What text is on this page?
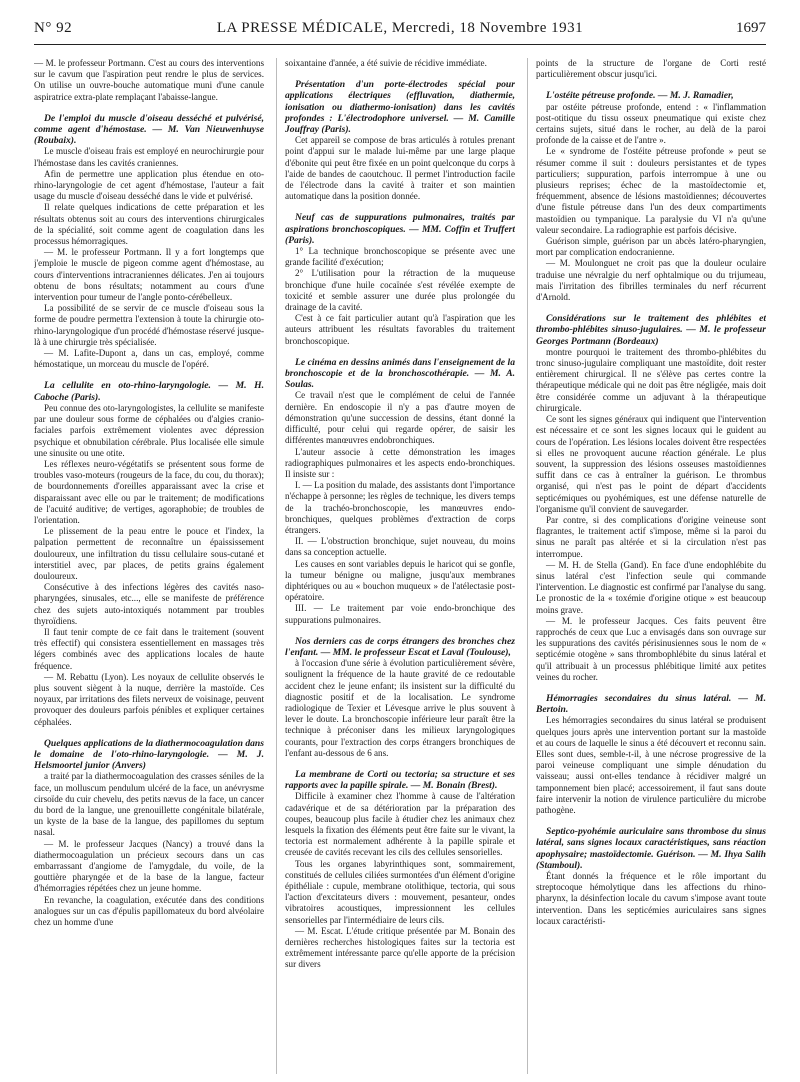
N° 92	LA PRESSE MÉDICALE, Mercredi, 18 Novembre 1931	1697

— M. le professeur Portmann. C'est au cours des interventions sur le cavum que l'aspiration peut rendre le plus de services. On utilise un ouvre-bouche automatique muni d'une canule aspiratrice extra-plate remplaçant l'abaisse-langue.

De l'emploi du muscle d'oiseau desséché et pulvérisé, comme agent d'hémostase. — M. Van Nieuwenhuyse (Roubaix).

Le muscle d'oiseau frais est employé en neurochirurgie pour l'hémostase dans les cavités craniennes.

Afin de permettre une application plus étendue en oto-rhino-laryngologie de cet agent d'hémostase, l'auteur a fait usage du muscle d'oiseau desséché dans le vide et pulvérisé.

Il relate quelques indications de cette préparation et les résultats obtenus soit au cours des interventions chirurgicales de la spécialité, soit comme agent de coagulation dans les processus hémorragiques.

— M. le professeur Portmann. Il y a fort longtemps que j'emploie le muscle de pigeon comme agent d'hémostase, au cours d'interventions intracraniennes délicates. J'en ai toujours obtenu de bons résultats; notamment au cours d'une intervention pour tumeur de l'angle ponto-cérébelleux.

La possibilité de se servir de ce muscle d'oiseau sous la forme de poudre permettra l'extension à toute la chirurgie oto-rhino-laryngologique d'un procédé d'hémostase réservé jusque-là à une chirurgie très spécialisée.

— M. Lafite-Dupont a, dans un cas, employé, comme hémostatique, un morceau du muscle de l'opéré.

La cellulite en oto-rhino-laryngologie. — M. H. Caboche (Paris).

Peu connue des oto-laryngologistes, la cellulite se manifeste par une douleur sous forme de céphalées ou d'algies cranio-faciales parfois extrêmement violentes avec dépression psychique et obnubilation cérébrale. Plus localisée elle simule une sinusite ou une otite.

Les réflexes neuro-végétatifs se présentent sous forme de troubles vaso-moteurs (rougeurs de la face, du cou, du thorax); de bourdonnements d'oreilles apparaissant avec la crise et disparaissant avec elle ou par le traitement; de modifications de l'acuité auditive; de vertiges, agoraphobie; de troubles de l'orientation.

Le plissement de la peau entre le pouce et l'index, la palpation permettent de reconnaître un épaississement douloureux, une infiltration du tissu cellulaire sous-cutané et interstitiel avec, par places, de petits grains également douloureux.

Consécutive à des infections légères des cavités naso-pharyngées, sinusales, etc..., elle se manifeste de préférence chez des sujets auto-intoxiqués notamment par troubles thyroïdiens.

Il faut tenir compte de ce fait dans le traitement (souvent très effectif) qui consistera essentiellement en massages très légers combinés avec des applications locales de haute fréquence.

— M. Rebattu (Lyon). Les noyaux de cellulite observés le plus souvent siègent à la nuque, derrière la mastoïde. Ces noyaux, par irritations des filets nerveux de voisinage, peuvent provoquer des douleurs parfois pénibles et expliquer certaines céphalées.

Quelques applications de la diathermocoagulation dans le domaine de l'oto-rhino-laryngologie. — M. J. Helsmoortel junior (Anvers)

a traité par la diathermocoagulation des crasses séniles de la face, un molluscum pendulum ulcéré de la face, un anévrysme cirsoïde du cuir chevelu, des petits nævus de la face, un cancer du bord de la langue, une grenouillette congénitale bilatérale, un kyste de la base de la langue, des papillomes du septum nasal.

— M. le professeur Jacques (Nancy) a trouvé dans la diathermocoagulation un précieux secours dans un cas embarrassant d'angiome de l'amygdale, du voile, de la gouttière pharyngée et de la base de la langue, facteur d'hémorragies répétées chez un jeune homme.

En revanche, la coagulation, exécutée dans des conditions analogues sur un cas d'épulis papillomateux du bord alvéolaire chez un homme d'une

soixantaine d'année, a été suivie de récidive immédiate.

Présentation d'un porte-électrodes spécial pour applications électriques (effluvation, diathermie, ionisation ou diathermo-ionisation) dans les cavités profondes : L'électrodophore universel. — M. Camille Jouffray (Paris).

Cet appareil se compose de bras articulés à rotules prenant point d'appui sur le malade lui-même par une large plaque d'ébonite qui peut être fixée en un point quelconque du corps à l'aide de bandes de caoutchouc. Il permet l'introduction facile de l'électrode dans la cavité à traiter et son maintien automatique dans la position donnée.

Neuf cas de suppurations pulmonaires, traités par aspirations bronchoscopiques. — MM. Coffin et Truffert (Paris).

1° La technique bronchoscopique se présente avec une grande facilité d'exécution;

2° L'utilisation pour la rétraction de la muqueuse bronchique d'une huile cocaïnée s'est révélée exempte de toxicité et semble assurer une durée plus prolongée du drainage de la cavité.

C'est à ce fait particulier autant qu'à l'aspiration que les auteurs attribuent les résultats favorables du traitement bronchoscopique.

Le cinéma en dessins animés dans l'enseignement de la bronchoscopie et de la bronchoscothérapie. — M. A. Soulas.

Ce travail n'est que le complément de celui de l'année dernière. En endoscopie il n'y a pas d'autre moyen de démonstration qu'une succession de dessins, étant donné la difficulté, pour celui qui regarde opérer, de saisir les différentes manœuvres endobronchiques.

L'auteur associe à cette démonstration les images radiographiques pulmonaires et les aspects endo-bronchiques. Il insiste sur :

I. — La position du malade, des assistants dont l'importance n'échappe à personne; les règles de technique, les divers temps de la trachéo-bronchoscopie, les manœuvres endo-bronchiques, quelques problèmes d'extraction de corps étrangers.

II. — L'obstruction bronchique, sujet nouveau, du moins dans sa conception actuelle.

Les causes en sont variables depuis le haricot qui se gonfle, la tumeur bénigne ou maligne, jusqu'aux membranes diphtériques ou au « bouchon muqueux » de l'atélectasie post-opératoire.

III. — Le traitement par voie endo-bronchique des suppurations pulmonaires.

Nos derniers cas de corps étrangers des bronches chez l'enfant. — MM. le professeur Escat et Laval (Toulouse),

à l'occasion d'une série à évolution particulièrement sévère, soulignent la fréquence de la haute gravité de ce redoutable accident chez le jeune enfant; ils insistent sur la difficulté du diagnostic positif et de la localisation. Le syndrome radiologique de Texier et Lévesque arrive le plus souvent à lever le doute. La bronchoscopie inférieure leur paraît être la technique à préconiser dans les milieux laryngologiques courants, pour l'extraction des corps étrangers bronchiques de l'enfant au-dessous de 6 ans.

La membrane de Corti ou tectoria; sa structure et ses rapports avec la papille spirale. — M. Bonain (Brest).

Difficile à examiner chez l'homme à cause de l'altération cadavérique et de sa détérioration par la préparation des coupes, beaucoup plus facile à étudier chez les animaux chez lesquels la fixation des éléments peut être faite sur le vivant, la tectoria est normalement adhérente à la papille spirale et creusée de cavités recevant les cils des cellules sensorielles.

Tous les organes labyrinthiques sont, sommairement, constitués de cellules ciliées surmontées d'un élément d'origine épithéliale : cupule, membrane otolithique, tectoria, qui sous l'action d'excitateurs divers : mouvement, pesanteur, ondes vibratoires acoustiques, impressionnent les cellules sensorielles par l'intermédiaire de leurs cils.

— M. Escat. L'étude critique présentée par M. Bonain des dernières recherches histologiques faites sur la tectoria est extrêmement intéressante parce qu'elle apporte de la précision sur divers

points de la structure de l'organe de Corti resté particulièrement obscur jusqu'ici.

L'ostéite pétreuse profonde. — M. J. Ramadier,

par ostéite pétreuse profonde, entend : « l'inflammation post-otitique du tissu osseux pneumatique qui existe chez certains sujets, situé dans le rocher, au delà de la paroi profonde de la caisse et de l'antre ».

Le « syndrome de l'ostéite pétreuse profonde » peut se résumer comme il suit : douleurs persistantes et de types particuliers; suppuration, parfois interrompue à une ou plusieurs reprises; échec de la mastoïdectomie et, fréquemment, absence de lésions mastoïdiennes; découvertes d'une fistule pétreuse dans l'un des deux compartiments mastoïdien ou tympanique. La paralysie du VI n'a qu'une valeur secondaire. La radiographie est parfois décisive.

Guérison simple, guérison par un abcès latéro-pharyngien, mort par complication endocranienne.

— M. Moulonguet ne croit pas que la douleur oculaire traduise une névralgie du nerf ophtalmique ou du trijumeau, mais l'irritation des fibrilles terminales du nerf récurrent d'Arnold.

Considérations sur le traitement des phlébites et thrombo-phlébites sinuso-jugulaires. — M. le professeur Georges Portmann (Bordeaux)

montre pourquoi le traitement des thrombo-phlébites du tronc sinuso-jugulaire compliquant une mastoïdite, doit rester entièrement chirurgical. Il ne s'élève pas certes contre la thérapeutique médicale qui ne doit pas être négligée, mais doit être considérée comme un adjuvant à la thérapeutique chirurgicale.

Ce sont les signes généraux qui indiquent que l'intervention est nécessaire et ce sont les signes locaux qui le guident au cours de l'opération. Les lésions locales doivent être respectées si elles ne provoquent aucune réaction générale. Le plus souvent, la suppression des lésions osseuses mastoïdiennes suffit dans ce cas à entraîner la guérison. Le thrombus organisé, qui n'est pas le point de départ d'accidents septicémiques ou pyohémiques, est une défense naturelle de l'organisme qu'il convient de sauvegarder.

Par contre, si des complications d'origine veineuse sont flagrantes, le traitement actif s'impose, même si la paroi du sinus ne paraît pas altérée et si la circulation n'est pas interrompue.

— M. H. de Stella (Gand). En face d'une endophlébite du sinus latéral c'est l'infection seule qui commande l'intervention. Le diagnostic est confirmé par l'analyse du sang. Le pronostic de la « toxémie d'origine otique » est beaucoup moins grave.

— M. le professeur Jacques. Ces faits peuvent être rapprochés de ceux que Luc a envisagés dans son ouvrage sur les suppurations des cavités périsinusiennes sous le nom de « septicémie otogène » sans thrombophlébite du sinus latéral et qu'il attribuait à un processus phlébitique limité aux petites veines du rocher.

Hémorragies secondaires du sinus latéral. — M. Bertoin.

Les hémorragies secondaires du sinus latéral se produisent quelques jours après une intervention portant sur la mastoïde et au cours de laquelle le sinus a été découvert et reconnu sain. Elles sont dues, semble-t-il, à une nécrose progressive de la paroi veineuse compliquant une simple dénudation du vaisseau; aussi ont-elles tendance à récidiver malgré un tamponnement bien placé; accessoirement, il faut sans doute faire intervenir la notion de virulence particulière du microbe pathogène.

Septico-pyohémie auriculaire sans thrombose du sinus latéral, sans signes locaux caractéristiques, sans réaction apophysaire; mastoïdectomie. Guérison. — M. Ihya Salih (Stamboul).

Étant donnés la fréquence et le rôle important du streptocoque hémolytique dans les affections du rhino-pharynx, la désinfection locale du cavum s'impose avant toute intervention. Dans les septicémies auriculaires sans signes locaux caractéristi-
